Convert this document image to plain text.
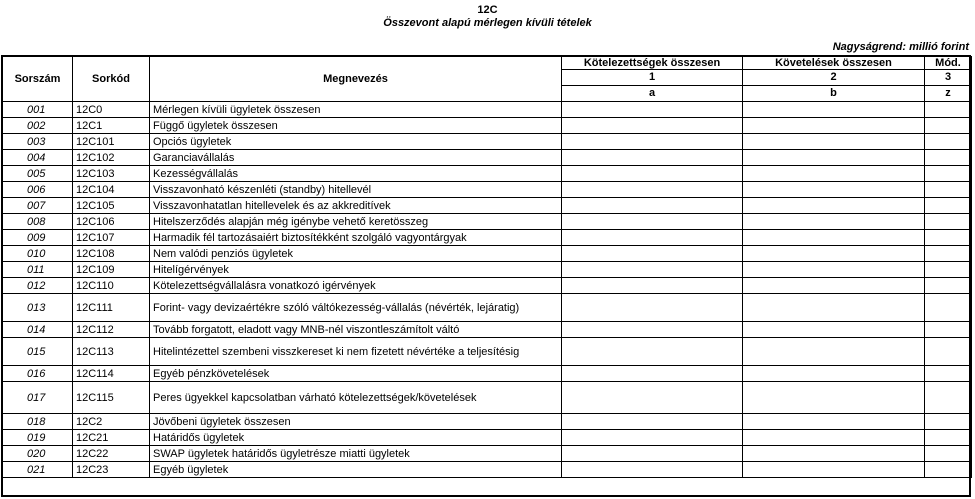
12C
Összevont alapú mérlegen kívüli tételek
Nagyságrend: millió forint
Sorszám	Sorkód	Megnevezés	Kötelezettségek összesen	Követelések összesen	Mód.
			1	2	3
			a	b	z
001	12C0	Mérlegen kívüli ügyletek összesen			
002	12C1	Függő ügyletek összesen			
003	12C101	Opciós ügyletek			
004	12C102	Garanciavállalás			
005	12C103	Kezességvállalás			
006	12C104	Visszavonható készenléti (standby) hitellevél			
007	12C105	Visszavonhatatlan hitellevelek és az akkreditívek			
008	12C106	Hitelszerződés alapján még igénybe vehető keretösszeg			
009	12C107	Harmadik fél tartozásaiért biztosítékként szolgáló vagyontárgyak			
010	12C108	Nem valódi penziós ügyletek			
011	12C109	Hitelígérvények			
012	12C110	Kötelezettségvállalásra vonatkozó igérvények			
013	12C111	Forint- vagy devizaértékre szóló váltókezesség-vállalás (névérték, lejáratig)			
014	12C112	Tovább forgatott, eladott vagy MNB-nél viszontleszámítolt váltó			
015	12C113	Hitelintézettel szembeni visszkereset ki nem fizetett névértéke a teljesítésig			
016	12C114	Egyéb pénzkövetelések			
017	12C115	Peres ügyekkel kapcsolatban várható kötelezettségek/követelések			
018	12C2	Jövőbeni ügyletek összesen			
019	12C21	Határidős ügyletek			
020	12C22	SWAP ügyletek határidős ügyletrésze miatti ügyletek			
021	12C23	Egyéb ügyletek			
